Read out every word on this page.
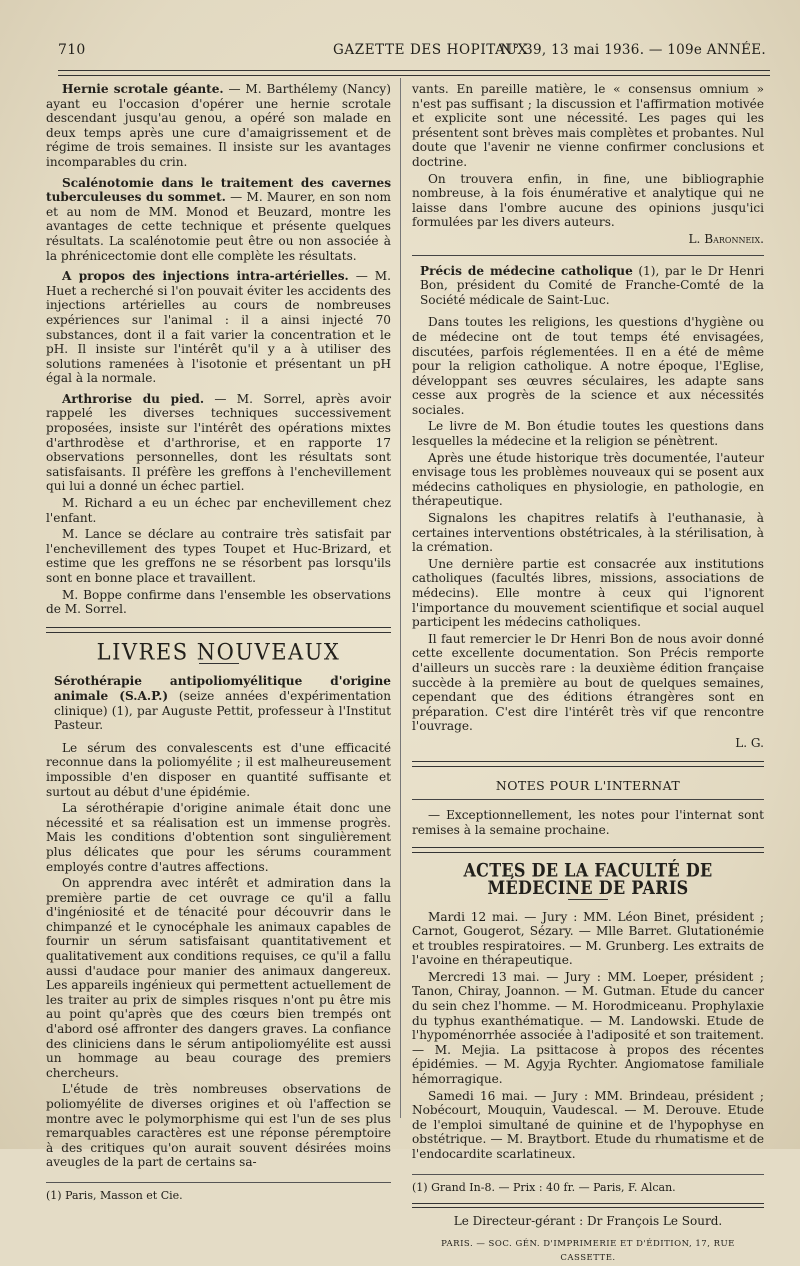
710	GAZETTE DES HOPITAUX
N° 39, 13 mai 1936. — 109e ANNÉE.

Hernie scrotale géante. — M. Barthélemy (Nancy) ayant eu l'occasion d'opérer une hernie scrotale descendant jusqu'au genou, a opéré son malade en deux temps après une cure d'amaigrissement et de régime de trois semaines. Il insiste sur les avantages incomparables du crin.

Scalénotomie dans le traitement des cavernes tuberculeuses du sommet. — M. Maurer, en son nom et au nom de MM. Monod et Beuzard, montre les avantages de cette technique et présente quelques résultats. La scalénotomie peut être ou non associée à la phrénicectomie dont elle complète les résultats.

A propos des injections intra-artérielles. — M. Huet a recherché si l'on pouvait éviter les accidents des injections artérielles au cours de nombreuses expériences sur l'animal : il a ainsi injecté 70 substances, dont il a fait varier la concentration et le pH. Il insiste sur l'intérêt qu'il y a à utiliser des solutions ramenées à l'isotonie et présentant un pH égal à la normale.

Arthrorise du pied. — M. Sorrel, après avoir rappelé les diverses techniques successivement proposées, insiste sur l'intérêt des opérations mixtes d'arthrodèse et d'arthrorise, et en rapporte 17 observations personnelles, dont les résultats sont satisfaisants. Il préfère les greffons à l'enchevillement qui lui a donné un échec partiel.

M. Richard a eu un échec par enchevillement chez l'enfant.

M. Lance se déclare au contraire très satisfait par l'enchevillement des types Toupet et Huc-Brizard, et estime que les greffons ne se résorbent pas lorsqu'ils sont en bonne place et travaillent.

M. Boppe confirme dans l'ensemble les observations de M. Sorrel.

LIVRES NOUVEAUX

Sérothérapie antipoliomyélitique d'origine animale (S.A.P.) (seize années d'expérimentation clinique) (1), par Auguste Pettit, professeur à l'Institut Pasteur.

Le sérum des convalescents est d'une efficacité reconnue dans la poliomyélite ; il est malheureusement impossible d'en disposer en quantité suffisante et surtout au début d'une épidémie.

La sérothérapie d'origine animale était donc une nécessité et sa réalisation est un immense progrès. Mais les conditions d'obtention sont singulièrement plus délicates que pour les sérums couramment employés contre d'autres affections.

On apprendra avec intérêt et admiration dans la première partie de cet ouvrage ce qu'il a fallu d'ingéniosité et de ténacité pour découvrir dans le chimpanzé et le cynocéphale les animaux capables de fournir un sérum satisfaisant quantitativement et qualitativement aux conditions requises, ce qu'il a fallu aussi d'audace pour manier des animaux dangereux. Les appareils ingénieux qui permettent actuellement de les traiter au prix de simples risques n'ont pu être mis au point qu'après que des cœurs bien trempés ont d'abord osé affronter des dangers graves. La confiance des cliniciens dans le sérum antipoliomyélite est aussi un hommage au beau courage des premiers chercheurs.

L'étude de très nombreuses observations de poliomyélite de diverses origines et où l'affection se montre avec le polymorphisme qui est l'un de ses plus remarquables caractères est une réponse péremptoire à des critiques qu'on aurait souvent désirées moins aveugles de la part de certains sa-

(1) Paris, Masson et Cie.

vants. En pareille matière, le « consensus omnium » n'est pas suffisant ; la discussion et l'affirmation motivée et explicite sont une nécessité. Les pages qui les présentent sont brèves mais complètes et probantes. Nul doute que l'avenir ne vienne confirmer conclusions et doctrine.

On trouvera enfin, in fine, une bibliographie nombreuse, à la fois énumérative et analytique qui ne laisse dans l'ombre aucune des opinions jusqu'ici formulées par les divers auteurs.

L. Baronneix.

Précis de médecine catholique (1), par le Dr Henri Bon, président du Comité de Franche-Comté de la Société médicale de Saint-Luc.

Dans toutes les religions, les questions d'hygiène ou de médecine ont de tout temps été envisagées, discutées, parfois réglementées. Il en a été de même pour la religion catholique. A notre époque, l'Eglise, développant ses œuvres séculaires, les adapte sans cesse aux progrès de la science et aux nécessités sociales.

Le livre de M. Bon étudie toutes les questions dans lesquelles la médecine et la religion se pénètrent.

Après une étude historique très documentée, l'auteur envisage tous les problèmes nouveaux qui se posent aux médecins catholiques en physiologie, en pathologie, en thérapeutique.

Signalons les chapitres relatifs à l'euthanasie, à certaines interventions obstétricales, à la stérilisation, à la crémation.

Une dernière partie est consacrée aux institutions catholiques (facultés libres, missions, associations de médecins). Elle montre à ceux qui l'ignorent l'importance du mouvement scientifique et social auquel participent les médecins catholiques.

Il faut remercier le Dr Henri Bon de nous avoir donné cette excellente documentation. Son Précis remporte d'ailleurs un succès rare : la deuxième édition française succède à la première au bout de quelques semaines, cependant que des éditions étrangères sont en préparation. C'est dire l'intérêt très vif que rencontre l'ouvrage.

L. G.

NOTES POUR L'INTERNAT

— Exceptionnellement, les notes pour l'internat sont remises à la semaine prochaine.

ACTES DE LA FACULTÉ DE MÉDECINE DE PARIS

Mardi 12 mai. — Jury : MM. Léon Binet, président ; Carnot, Gougerot, Sézary. — Mlle Barret. Glutationémie et troubles respiratoires. — M. Grunberg. Les extraits de l'avoine en thérapeutique.

Mercredi 13 mai. — Jury : MM. Loeper, président ; Tanon, Chiray, Joannon. — M. Gutman. Etude du cancer du sein chez l'homme. — M. Horodmiceanu. Prophylaxie du typhus exanthématique. — M. Landowski. Etude de l'hypoménorrhée associée à l'adiposité et son traitement. — M. Mejia. La psittacose à propos des récentes épidémies. — M. Agyja Rychter. Angiomatose familiale hémorragique.

Samedi 16 mai. — Jury : MM. Brindeau, président ; Nobécourt, Mouquin, Vaudescal. — M. Derouve. Etude de l'emploi simultané de quinine et de l'hypophyse en obstétrique. — M. Braytbort. Etude du rhumatisme et de l'endocardite scarlatineux.

(1) Grand In-8. — Prix : 40 fr. — Paris, F. Alcan.

Le Directeur-gérant : Dr François Le Sourd.
PARIS. — SOC. GÉN. D'IMPRIMERIE ET D'ÉDITION, 17, RUE CASSETTE.
